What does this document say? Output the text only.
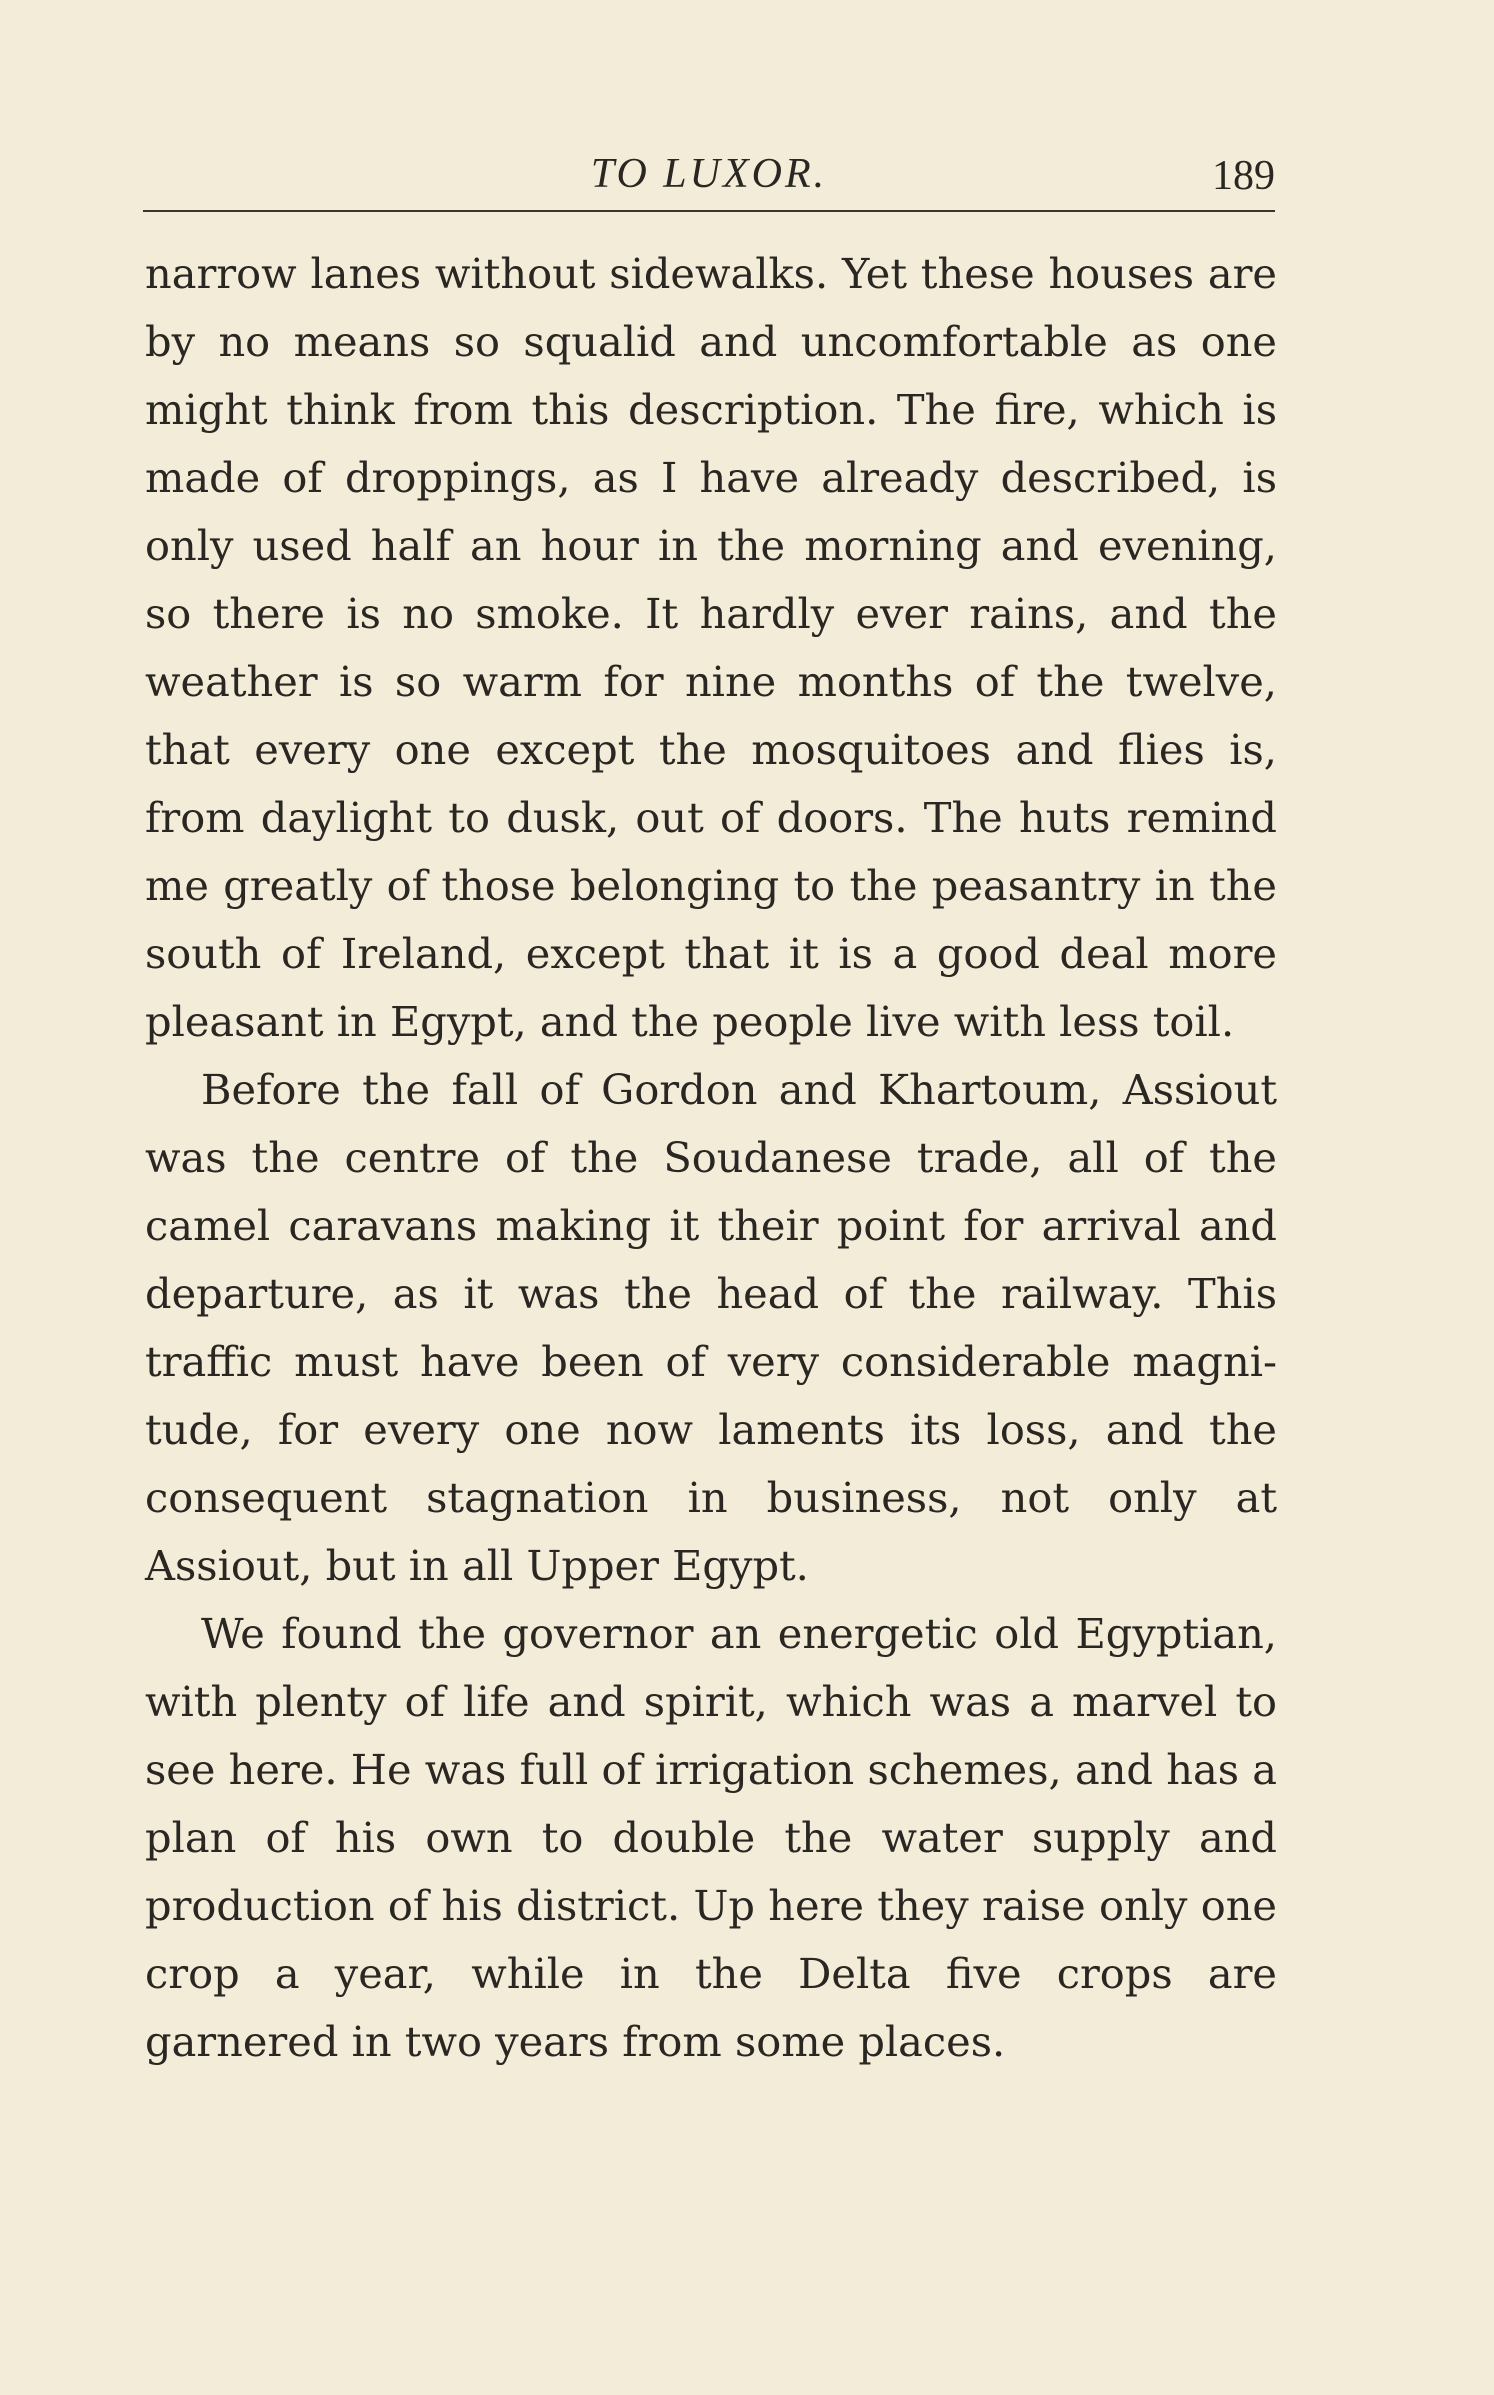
TO LUXOR.	189

narrow lanes without sidewalks. Yet these houses are by no means so squalid and uncomfortable as one might think from this description. The fire, which is made of droppings, as I have already described, is only used half an hour in the morning and evening, so there is no smoke. It hardly ever rains, and the weather is so warm for nine months of the twelve, that every one except the mosquitoes and flies is, from daylight to dusk, out of doors. The huts remind me greatly of those belonging to the peasantry in the south of Ireland, except that it is a good deal more pleasant in Egypt, and the people live with less toil.

Before the fall of Gordon and Khartoum, Assiout was the centre of the Soudanese trade, all of the camel caravans making it their point for arrival and departure, as it was the head of the railway. This traffic must have been of very considerable magni-tude, for every one now laments its loss, and the consequent stagnation in business, not only at Assiout, but in all Upper Egypt.

We found the governor an energetic old Egyptian, with plenty of life and spirit, which was a marvel to see here. He was full of irrigation schemes, and has a plan of his own to double the water supply and production of his district. Up here they raise only one crop a year, while in the Delta five crops are garnered in two years from some places.
